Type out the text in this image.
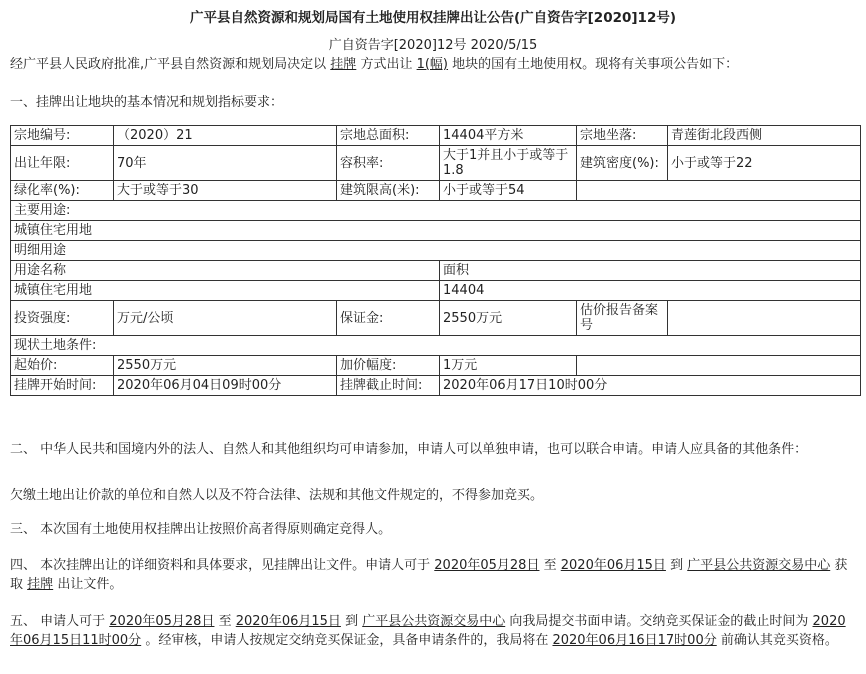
广平县自然资源和规划局国有土地使用权挂牌出让公告(广自资告字[2020]12号)
广自资告字[2020]12号 2020/5/15
经广平县人民政府批准,广平县自然资源和规划局决定以 挂牌 方式出让 1(幅) 地块的国有土地使用权。现将有关事项公告如下：
一、挂牌出让地块的基本情况和规划指标要求：
宗地编号:	（2020）21	宗地总面积:	14404平方米	宗地坐落:	青莲街北段西侧
出让年限:	70年	容积率:	大于1并且小于或等于1.8	建筑密度(%):	小于或等于22
绿化率(%):	大于或等于30	建筑限高(米):	小于或等于54		
主要用途:					
城镇住宅用地					
明细用途					
用途名称			面积		
城镇住宅用地			14404		
投资强度:	万元/公顷	保证金:	2550万元	估价报告备案号	
现状土地条件:					
起始价:	2550万元	加价幅度:	1万元		
挂牌开始时间:	2020年06月04日09时00分	挂牌截止时间:	2020年06月17日10时00分		
二、 中华人民共和国境内外的法人、自然人和其他组织均可申请参加，申请人可以单独申请，也可以联合申请。申请人应具备的其他条件：
欠缴土地出让价款的单位和自然人以及不符合法律、法规和其他文件规定的，不得参加竞买。
三、 本次国有土地使用权挂牌出让按照价高者得原则确定竞得人。
四、 本次挂牌出让的详细资料和具体要求，见挂牌出让文件。申请人可于 2020年05月28日 至 2020年06月15日 到 广平县公共资源交易中心 获取 挂牌 出让文件。
五、 申请人可于 2020年05月28日 至 2020年06月15日 到 广平县公共资源交易中心 向我局提交书面申请。交纳竞买保证金的截止时间为 2020年06月15日11时00分 。经审核，申请人按规定交纳竞买保证金，具备申请条件的，我局将在 2020年06月16日17时00分 前确认其竞买资格。
